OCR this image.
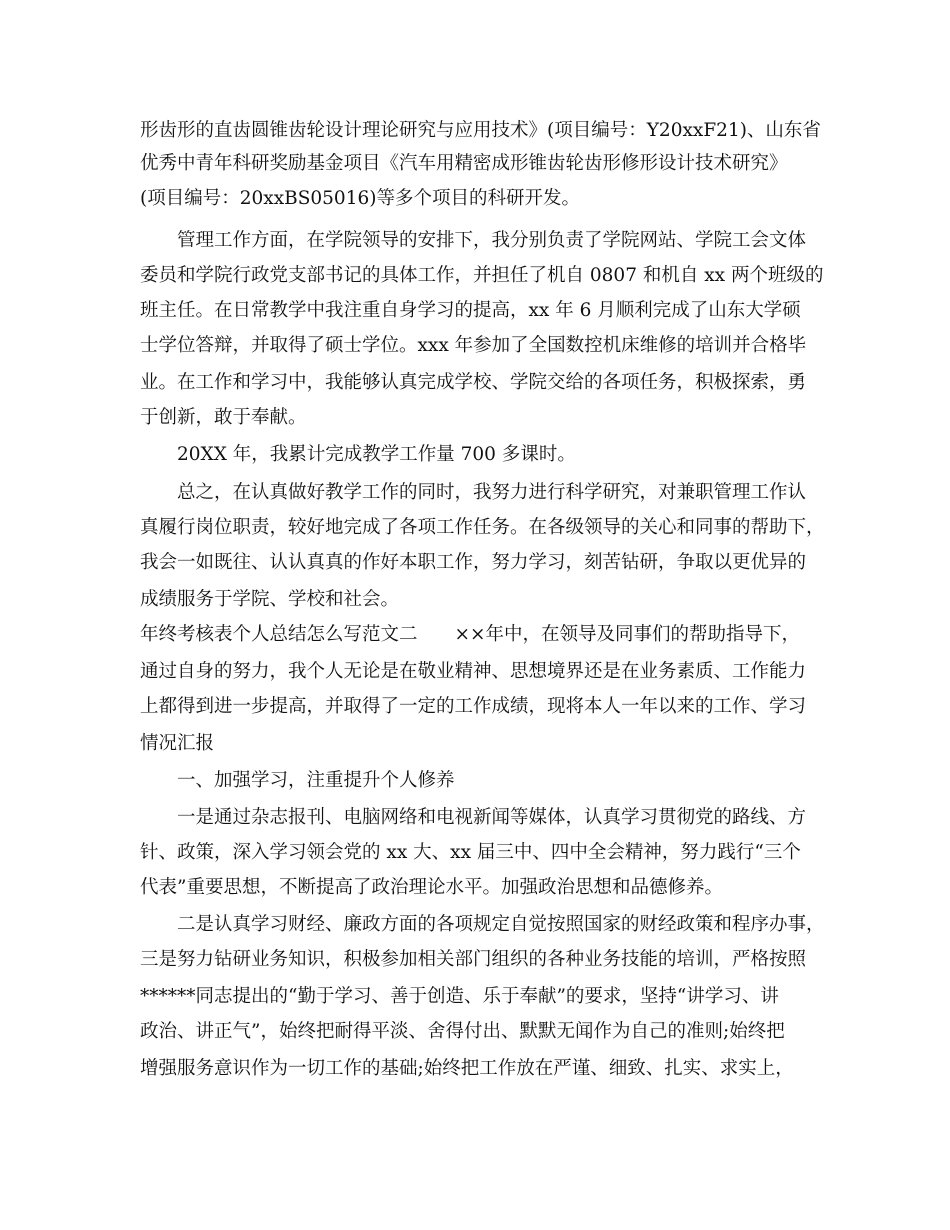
形齿形的直齿圆锥齿轮设计理论研究与应用技术》(项目编号：Y20xxF21)、山东省
优秀中青年科研奖励基金项目《汽车用精密成形锥齿轮齿形修形设计技术研究》
(项目编号：20xxBS05016)等多个项目的科研开发。
管理工作方面，在学院领导的安排下，我分别负责了学院网站、学院工会文体
委员和学院行政党支部书记的具体工作，并担任了机自 0807 和机自 xx 两个班级的
班主任。在日常教学中我注重自身学习的提高，xx 年 6 月顺利完成了山东大学硕
士学位答辩，并取得了硕士学位。xxx 年参加了全国数控机床维修的培训并合格毕
业。在工作和学习中，我能够认真完成学校、学院交给的各项任务，积极探索，勇
于创新，敢于奉献。
20XX 年，我累计完成教学工作量 700 多课时。
总之，在认真做好教学工作的同时，我努力进行科学研究，对兼职管理工作认
真履行岗位职责，较好地完成了各项工作任务。在各级领导的关心和同事的帮助下，
我会一如既往、认认真真的作好本职工作，努力学习，刻苦钻研，争取以更优异的
成绩服务于学院、学校和社会。
年终考核表个人总结怎么写范文二　　××年中，在领导及同事们的帮助指导下，
通过自身的努力，我个人无论是在敬业精神、思想境界还是在业务素质、工作能力
上都得到进一步提高，并取得了一定的工作成绩，现将本人一年以来的工作、学习
情况汇报
一、加强学习，注重提升个人修养
一是通过杂志报刊、电脑网络和电视新闻等媒体，认真学习贯彻党的路线、方
针、政策，深入学习领会党的 xx 大、xx 届三中、四中全会精神，努力践行“三个
代表”重要思想，不断提高了政治理论水平。加强政治思想和品德修养。
二是认真学习财经、廉政方面的各项规定自觉按照国家的财经政策和程序办事，
三是努力钻研业务知识，积极参加相关部门组织的各种业务技能的培训，严格按照
******同志提出的“勤于学习、善于创造、乐于奉献”的要求，坚持“讲学习、讲
政治、讲正气”，始终把耐得平淡、舍得付出、默默无闻作为自己的准则;始终把
增强服务意识作为一切工作的基础;始终把工作放在严谨、细致、扎实、求实上，
